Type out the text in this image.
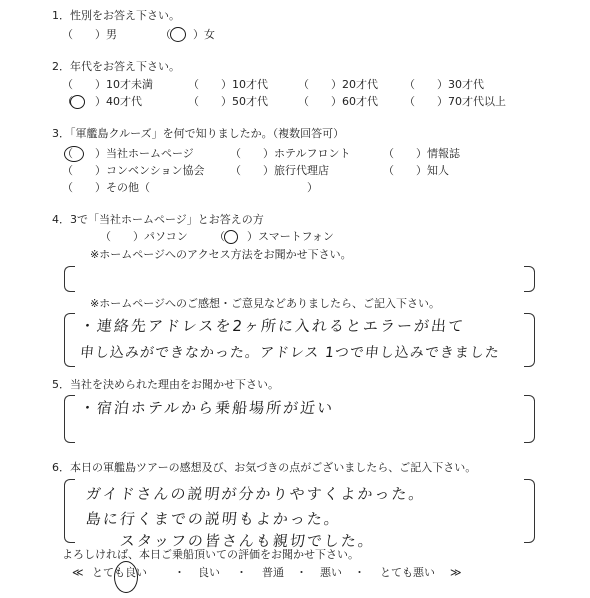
1．性別をお答え下さい。
（　　）男	（　　）女
2．年代をお答え下さい。
（　　）10才未満	（　　）10才代	（　　）20才代 （　　）30才代
（　　）40才代	（　　）50才代	（　　）60才代 （　　）70才代以上
3．「軍艦島クルーズ」を何で知りましたか。（複数回答可）
（　　）当社ホームページ	（　　）ホテルフロント	（　　）情報誌
（　　）コンベンション協会 （　　）旅行代理店	（　　）知人
（　　）その他（	）
4．3で「当社ホームページ」とお答えの方
（　　）パソコン （　　）スマートフォン
※ホームページへのアクセス方法をお聞かせ下さい。
※ホームページへのご感想・ご意見などありましたら、ご記入下さい。
・連絡先アドレスを2ヶ所に入れるとエラーが出て
申し込みができなかった。アドレス 1つで申し込みできました
5．当社を決められた理由をお聞かせ下さい。
・宿泊ホテルから乗船場所が近い
6．本日の軍艦島ツアーの感想及び、お気づきの点がございましたら、ご記入下さい。
ガイドさんの説明が分かりやすくよかった。
島に行くまでの説明もよかった。
スタッフの皆さんも親切でした。
よろしければ、本日ご乗船頂いての評価をお聞かせ下さい。
≪ とても良い ・ 良い ・ 普通 ・ 悪い ・ とても悪い ≫
